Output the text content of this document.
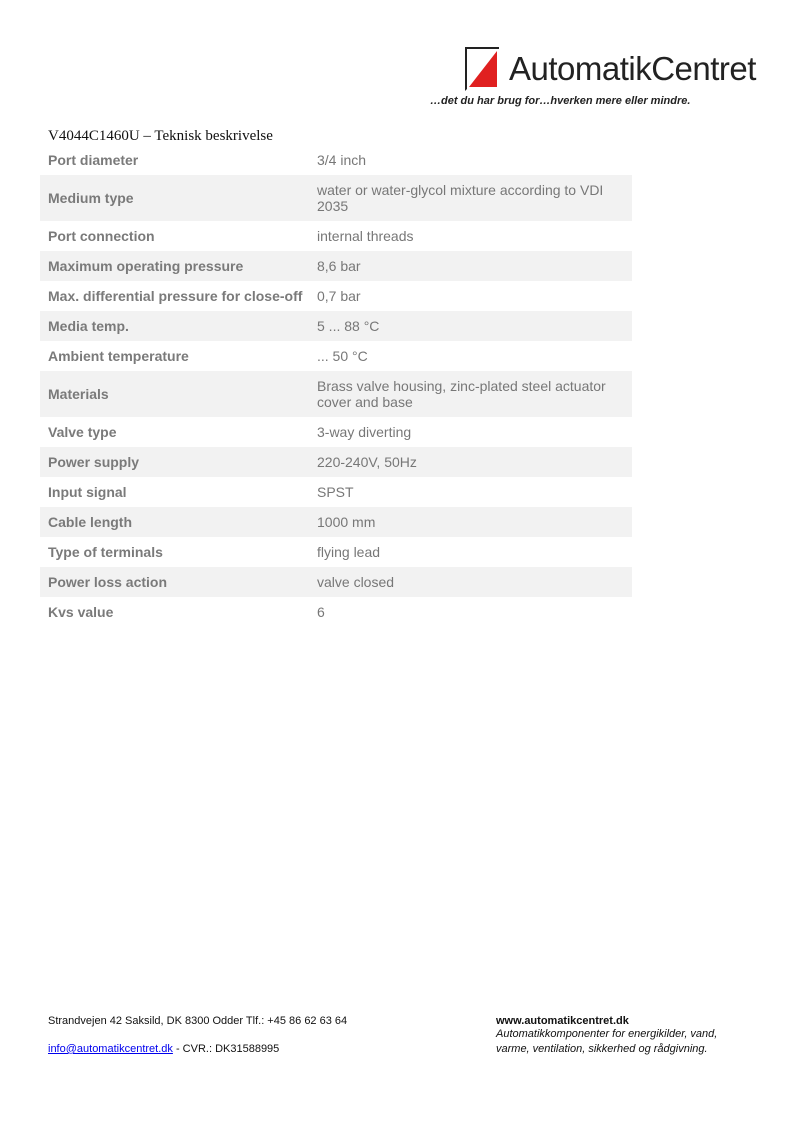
AutomatikCentret
…det du har brug for…hverken mere eller mindre.
V4044C1460U – Teknisk beskrivelse
Port diameter	3/4 inch
Medium type	water or water-glycol mixture according to VDI 2035
Port connection	internal threads
Maximum operating pressure	8,6 bar
Max. differential pressure for close-off	0,7 bar
Media temp.	5 ... 88 °C
Ambient temperature	... 50 °C
Materials	Brass valve housing, zinc-plated steel actuator cover and base
Valve type	3-way diverting
Power supply	220-240V, 50Hz
Input signal	SPST
Cable length	1000 mm
Type of terminals	flying lead
Power loss action	valve closed
Kvs value	6
Strandvejen 42 Saksild, DK 8300 Odder Tlf.: +45 86 62 63 64
info@automatikcentret.dk - CVR.: DK31588995
www.automatikcentret.dk
Automatikkomponenter for energikilder, vand, varme, ventilation, sikkerhed og rådgivning.
